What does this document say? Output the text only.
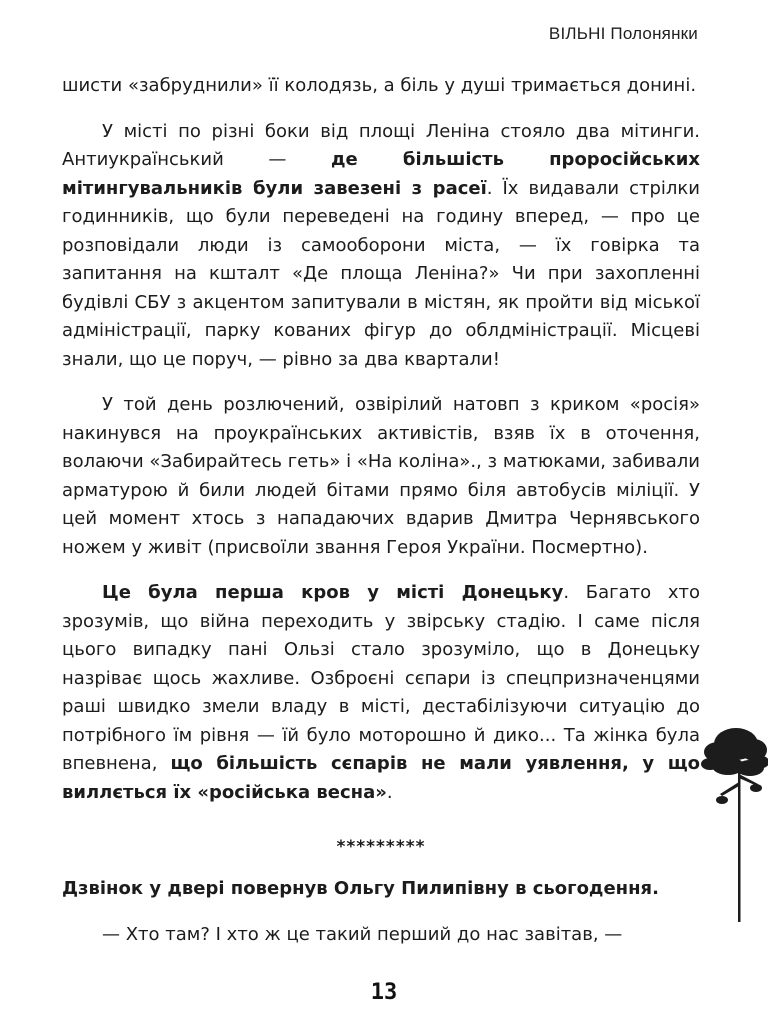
ВІЛЬНІ Полонянки

шисти «забруднили» її колодязь, а біль у душі тримається донині.

У місті по різні боки від площі Леніна стояло два мітинги. Антиукраїнський — де більшість проросійських мітингувальників були завезені з расеї. Їх видавали стрілки годинників, що були переведені на годину вперед, — про це розповідали люди із самооборони міста, — їх говірка та запитання на кшталт «Де площа Леніна?» Чи при захопленні будівлі СБУ з акцентом запитували в містян, як пройти від міської адміністрації, парку кованих фігур до облдміністрації. Місцеві знали, що це поруч, — рівно за два квартали!

У той день розлючений, озвірілий натовп з криком «росія» накинувся на проукраїнських активістів, взяв їх в оточення, волаючи «Забирайтесь геть» і «На коліна»., з матюками, забивали арматурою й били людей бітами прямо біля автобусів міліції. У цей момент хтось з нападаючих вдарив Дмитра Чернявського ножем у живіт (присвоїли звання Героя України. Посмертно).

Це була перша кров у місті Донецьку. Багато хто зрозумів, що війна переходить у звірську стадію. І саме після цього випадку пані Ользі стало зрозуміло, що в Донецьку назріває щось жахливе. Озброєні сєпари із спецпризначенцями раші швидко змели владу в місті, дестабілізуючи ситуацію до потрібного їм рівня — їй було моторошно й дико... Та жінка була впевнена, що більшість сєпарів не мали уявлення, у що виллється їх «російська весна».

*********

Дзвінок у двері повернув Ольгу Пилипівну в сьогодення.

— Хто там? І хто ж це такий перший до нас завітав, —

13
